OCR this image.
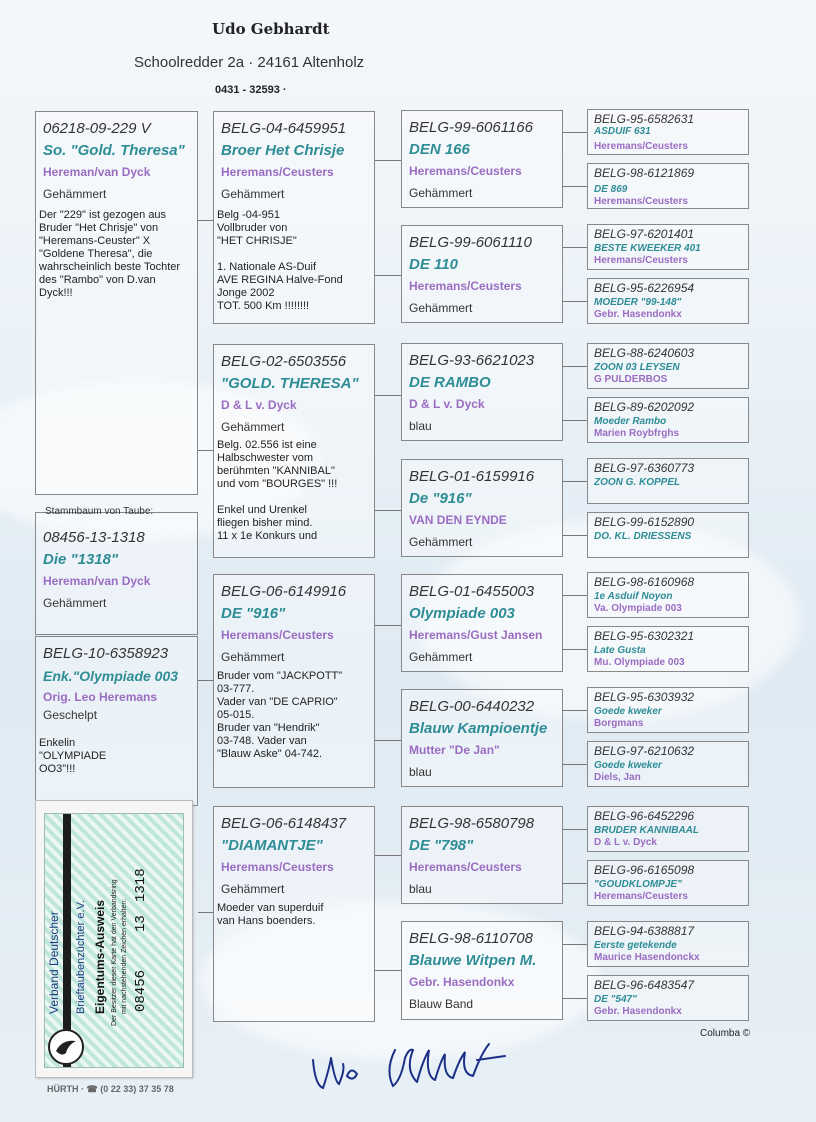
Udo Gebhardt
Schoolredder 2a · 24161 Altenholz
0431 - 32593 ·
06218-09-229 V
So. "Gold. Theresa"
Hereman/van Dyck
Gehämmert
Der "229" ist gezogen aus Bruder "Het Chrisje" von "Heremans-Ceuster" X "Goldene Theresa", die wahrscheinlich beste Tochter des "Rambo" von D.van Dyck!!!
08456-13-1318
Die "1318"
Hereman/van Dyck
Gehämmert
Stammbaum von Taube:
BELG-10-6358923
Enk."Olympiade 003
Orig. Leo Heremans
Geschelpt
Enkelin "OLYMPIADE OO3"!!!
BELG-04-6459951
Broer Het Chrisje
Heremans/Ceusters
Gehämmert
Belg -04-951
Vollbruder von
"HET CHRISJE"

1. Nationale AS-Duif
AVE REGINA Halve-Fond
Jonge 2002
TOT. 500 Km !!!!!!!!
BELG-02-6503556
"GOLD. THERESA"
D & L v. Dyck
Gehämmert
Belg. 02.556 ist eine
Halbschwester vom
berühmten "KANNIBAL"
und vom "BOURGES" !!!

Enkel und Urenkel
fliegen bisher mind.
11 x 1e Konkurs und
BELG-06-6149916
DE "916"
Heremans/Ceusters
Gehämmert
Bruder vom "JACKPOTT"
03-777.
Vader van "DE CAPRIO"
05-015.
Bruder van "Hendrik"
03-748. Vader van
"Blauw Aske" 04-742.
BELG-06-6148437
"DIAMANTJE"
Heremans/Ceusters
Gehämmert
Moeder van superduif
van Hans boenders.
BELG-99-6061166
DEN 166
Heremans/Ceusters
Gehämmert
BELG-99-6061110
DE 110
Heremans/Ceusters
Gehämmert
BELG-93-6621023
DE RAMBO
D & L v. Dyck
blau
BELG-01-6159916
De "916"
VAN DEN EYNDE
Gehämmert
BELG-01-6455003
Olympiade 003
Heremans/Gust Jansen
Gehämmert
BELG-00-6440232
Blauw Kampioentje
Mutter "De Jan"
blau
BELG-98-6580798
DE "798"
Heremans/Ceusters
blau
BELG-98-6110708
Blauwe Witpen M.
Gebr. Hasendonkx
Blauw Band
BELG-95-6582631
ASDUIF 631
Heremans/Ceusters
BELG-98-6121869
DE 869
Heremans/Ceusters
BELG-97-6201401
BESTE KWEEKER 401
Heremans/Ceusters
BELG-95-6226954
MOEDER "99-148"
Gebr. Hasendonkx
BELG-88-6240603
ZOON 03 LEYSEN
G PULDERBOS
BELG-89-6202092
Moeder Rambo
Marien Roybfrghs
BELG-97-6360773
ZOON G. KOPPEL
BELG-99-6152890
DO. KL. DRIESSENS
BELG-98-6160968
1e Asduif Noyon
Va. Olympiade 003
BELG-95-6302321
Late Gusta
Mu. Olympiade 003
BELG-95-6303932
Goede kweker
Borgmans
BELG-97-6210632
Goede kweker
Diels, Jan
BELG-96-6452296
BRUDER KANNIBAAL
D & L v. Dyck
BELG-96-6165098
"GOUDKLOMPJE"
Heremans/Ceusters
BELG-94-6388817
Eerste getekende
Maurice Hasendonckx
BELG-96-6483547
DE "547"
Gebr. Hasendonkx
Verband Deutscher Brieftaubenzüchter e.V. Eigentums-Ausweis Der Besitzer dieser Karte hat den Verbandsring mit nachstehenden Zeichen erhalten: 08456
13
1318
HÜRTH · ☎ (0 22 33) 37 35 78
Columba ©
